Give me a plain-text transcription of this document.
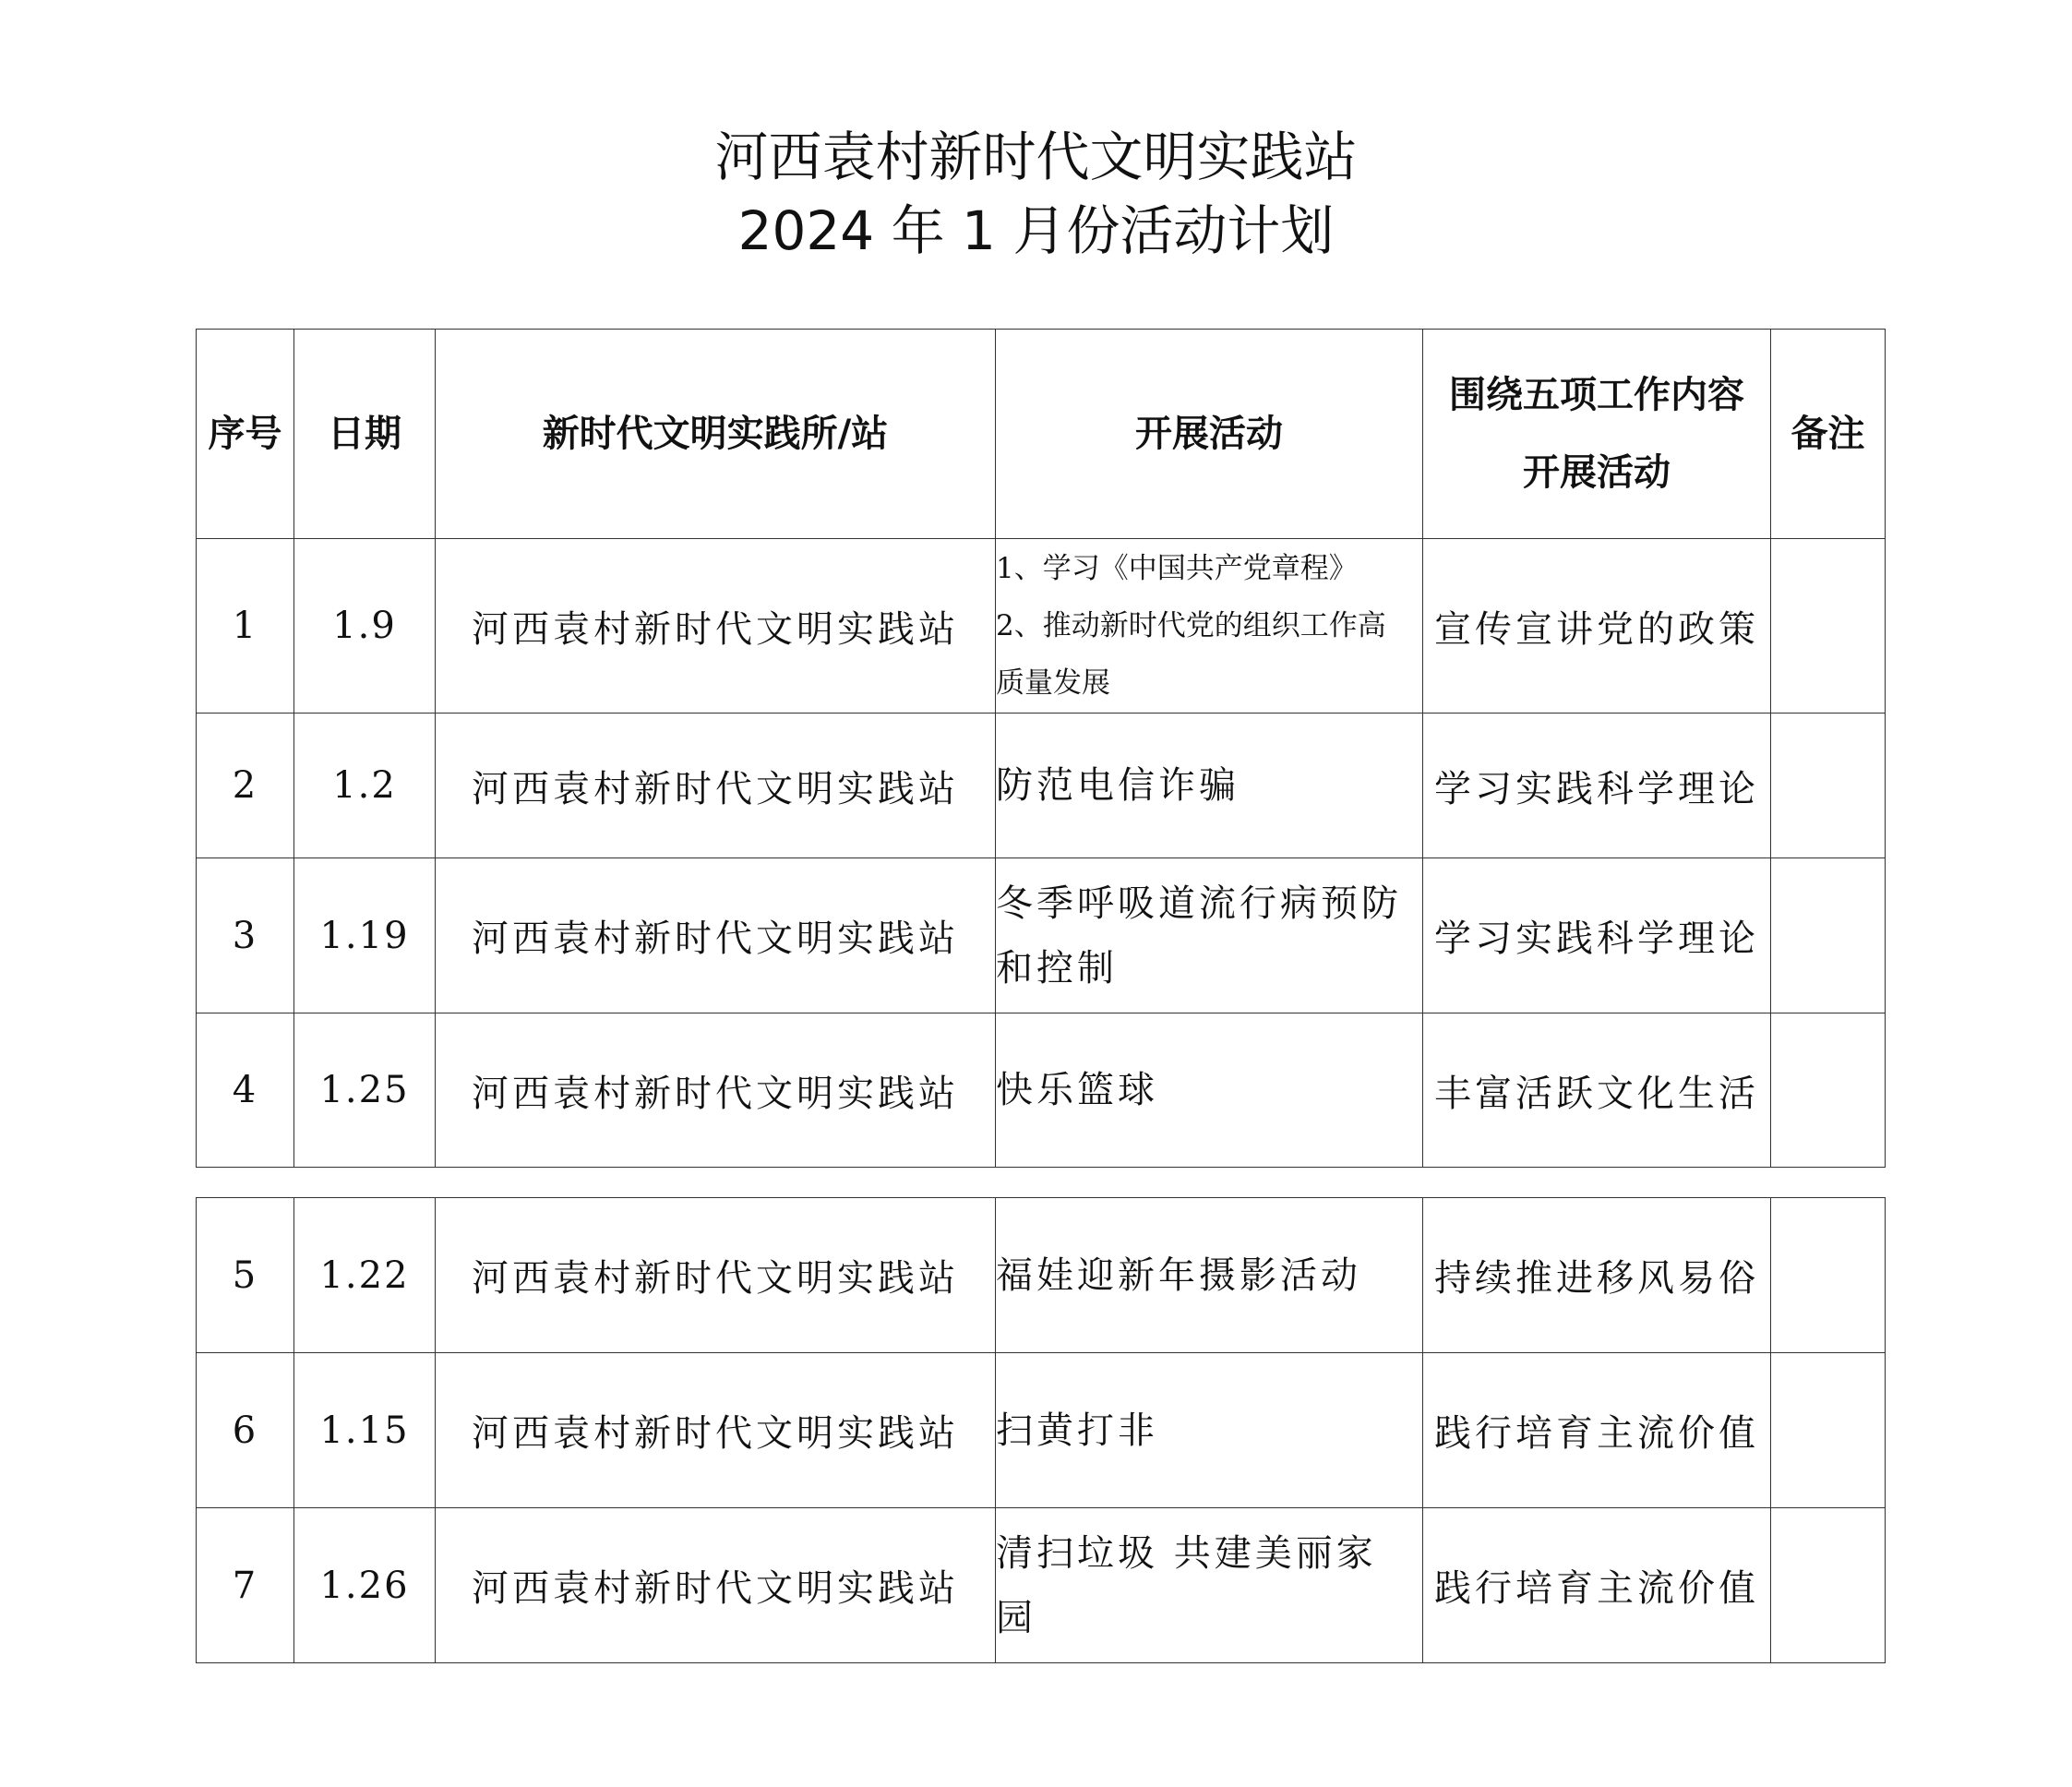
河西袁村新时代文明实践站
2024 年 1 月份活动计划
序号	日期	新时代文明实践所/站	开展活动	围绕五项工作内容
开展活动	备注
1	1.9	河西袁村新时代文明实践站	1、学习《中国共产党章程》
2、推动新时代党的组织工作高
质量发展	宣传宣讲党的政策	
2	1.2	河西袁村新时代文明实践站	防范电信诈骗	学习实践科学理论	
3	1.19	河西袁村新时代文明实践站	冬季呼吸道流行病预防
和控制	学习实践科学理论	
4	1.25	河西袁村新时代文明实践站	快乐篮球	丰富活跃文化生活	
5	1.22	河西袁村新时代文明实践站	福娃迎新年摄影活动	持续推进移风易俗	
6	1.15	河西袁村新时代文明实践站	扫黄打非	践行培育主流价值	
7	1.26	河西袁村新时代文明实践站	清扫垃圾 共建美丽家
园	践行培育主流价值	
